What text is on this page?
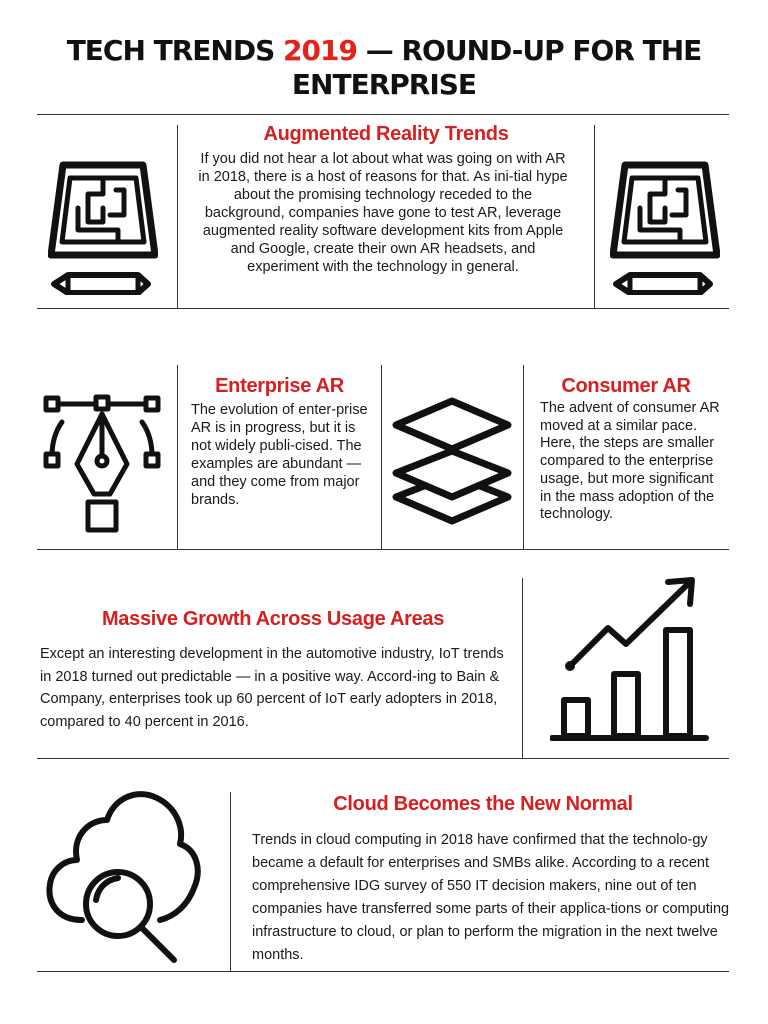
TECH TRENDS 2019 — ROUND-UP FOR THE ENTERPRISE
Augmented Reality Trends

If you did not hear a lot about what was going on with AR in 2018, there is a host of reasons for that. As ini-tial hype about the promising technology receded to the background, companies have gone to test AR, leverage augmented reality software development kits from Apple and Google, create their own AR headsets, and experiment with the technology in general.

Enterprise AR

The evolution of enter-prise AR is in progress, but it is not widely publi-cised. The examples are abundant — and they come from major brands.

Consumer AR

The advent of consumer AR moved at a similar pace. Here, the steps are smaller compared to the enterprise usage, but more significant in the mass adoption of the technology.

Massive Growth Across Usage Areas

Except an interesting development in the automotive industry, IoT trends in 2018 turned out predictable — in a positive way. Accord-ing to Bain & Company, enterprises took up 60 percent of IoT early adopters in 2018, compared to 40 percent in 2016.

Cloud Becomes the New Normal

Trends in cloud computing in 2018 have confirmed that the technolo-gy became a default for enterprises and SMBs alike. According to a recent comprehensive IDG survey of 550 IT decision makers, nine out of ten companies have transferred some parts of their applica-tions or computing infrastructure to cloud, or plan to perform the migration in the next twelve months.
